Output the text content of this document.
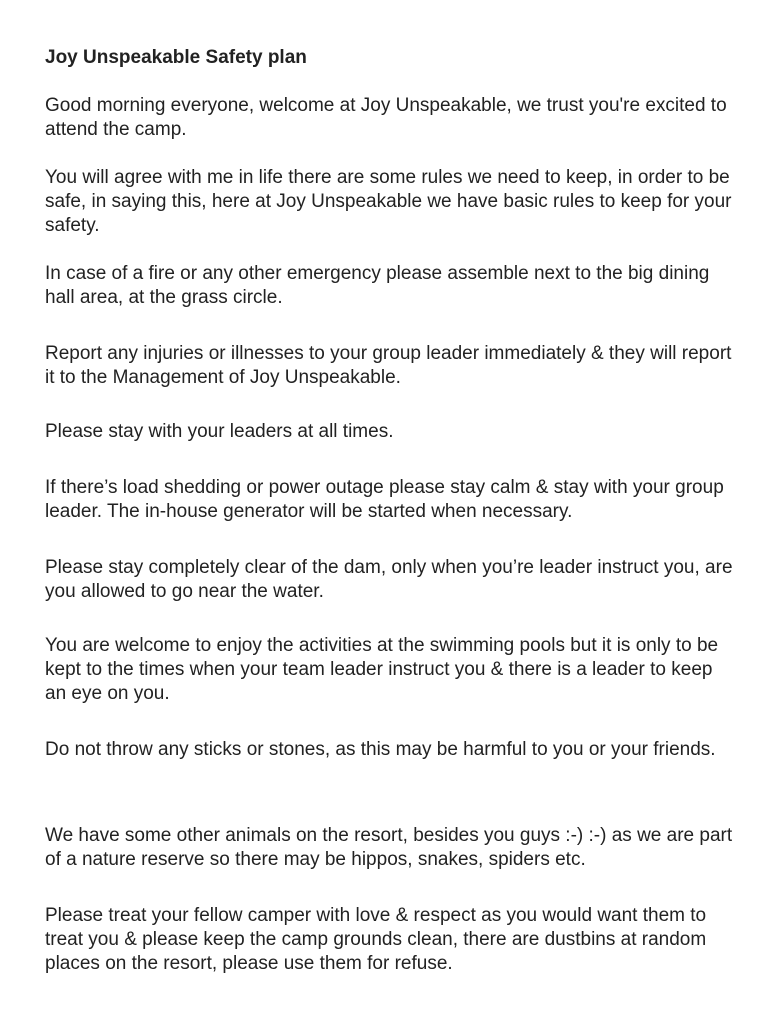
Joy Unspeakable Safety plan

Good morning everyone, welcome at Joy Unspeakable, we trust you're excited to attend the camp.

You will agree with me in life there are some rules we need to keep, in order to be safe, in saying this, here at Joy Unspeakable we have basic rules to keep for your safety.

In case of a fire or any other emergency please assemble next to the big dining hall area, at the grass circle.

Report any injuries or illnesses to your group leader immediately & they will report it to the Management of Joy Unspeakable.

Please stay with your leaders at all times.

If there’s load shedding or power outage please stay calm & stay with your group leader. The in-house generator will be started when necessary.

Please stay completely clear of the dam, only when you’re leader instruct you, are you allowed to go near the water.

You are welcome to enjoy the activities at the swimming pools but it is only to be kept to the times when your team leader instruct you & there is a leader to keep an eye on you.

Do not throw any sticks or stones, as this may be harmful to you or your friends.

We have some other animals on the resort, besides you guys :-) :-) as we are part of a nature reserve so there may be hippos, snakes, spiders etc.

Please treat your fellow camper with love & respect as you would want them to treat you & please keep the camp grounds clean, there are dustbins at random places on the resort, please use them for refuse.
